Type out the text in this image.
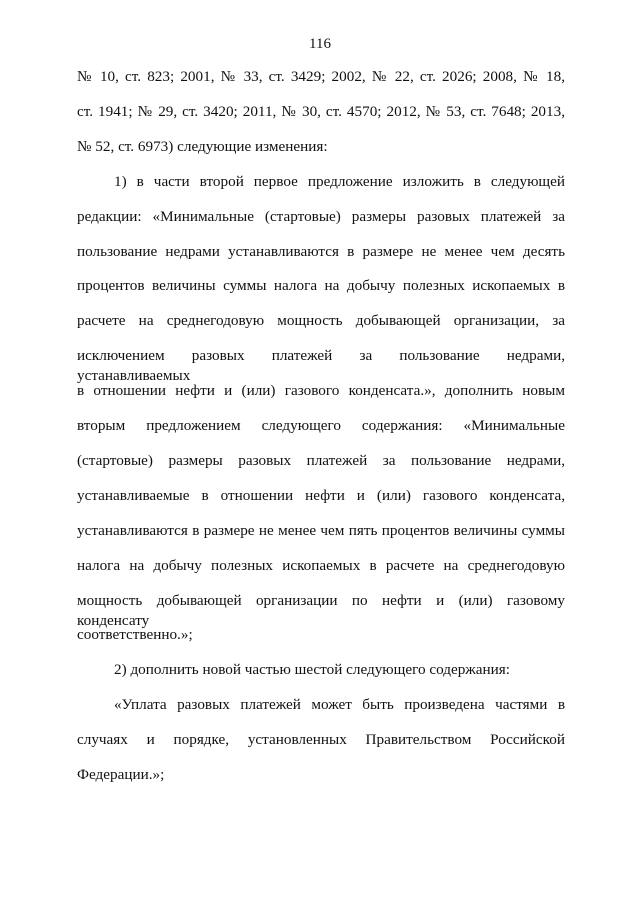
116
№ 10, ст. 823; 2001, № 33, ст. 3429; 2002, № 22, ст. 2026; 2008, № 18,
ст. 1941; № 29, ст. 3420; 2011, № 30, ст. 4570; 2012, № 53, ст. 7648; 2013,
№ 52, ст. 6973) следующие изменения:
1) в части второй первое предложение изложить в следующей
редакции: «Минимальные (стартовые) размеры разовых платежей за
пользование недрами устанавливаются в размере не менее чем десять
процентов величины суммы налога на добычу полезных ископаемых в
расчете на среднегодовую мощность добывающей организации, за
исключением разовых платежей за пользование недрами, устанавливаемых
в отношении нефти и (или) газового конденсата.», дополнить новым
вторым предложением следующего содержания: «Минимальные
(стартовые) размеры разовых платежей за пользование недрами,
устанавливаемые в отношении нефти и (или) газового конденсата,
устанавливаются в размере не менее чем пять процентов величины суммы
налога на добычу полезных ископаемых в расчете на среднегодовую
мощность добывающей организации по нефти и (или) газовому конденсату
соответственно.»;
2) дополнить новой частью шестой следующего содержания:
«Уплата разовых платежей может быть произведена частями в
случаях и порядке, установленных Правительством Российской
Федерации.»;
